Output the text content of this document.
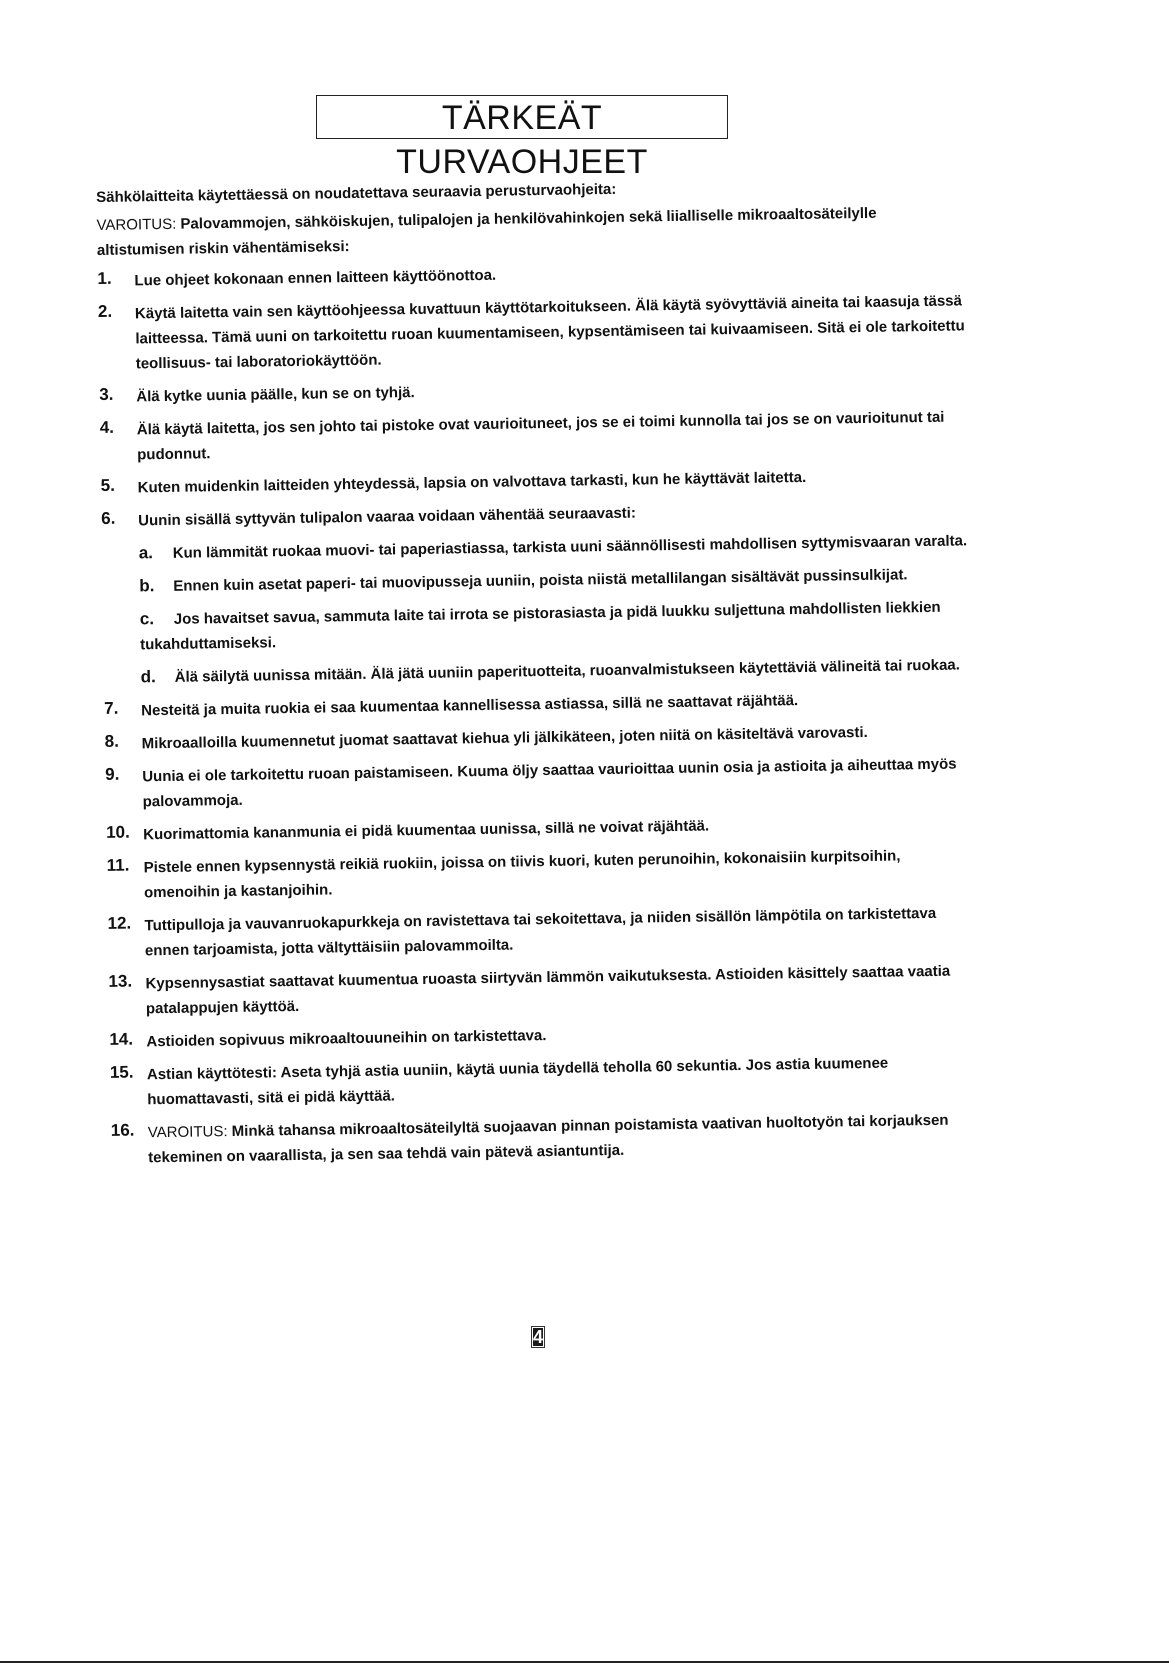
TÄRKEÄT TURVAOHJEET

Sähkölaitteita käytettäessä on noudatettava seuraavia perusturvaohjeita:

VAROITUS: Palovammojen, sähköiskujen, tulipalojen ja henkilövahinkojen sekä liialliselle mikroaaltosäteilylle

altistumisen riskin vähentämiseksi:

1. Lue ohjeet kokonaan ennen laitteen käyttöönottoa.
2. Käytä laitetta vain sen käyttöohjeessa kuvattuun käyttötarkoitukseen. Älä käytä syövyttäviä aineita tai kaasuja tässä laitteessa. Tämä uuni on tarkoitettu ruoan kuumentamiseen, kypsentämiseen tai kuivaamiseen. Sitä ei ole tarkoitettu teollisuus- tai laboratoriokäyttöön.
3. Älä kytke uunia päälle, kun se on tyhjä.
4. Älä käytä laitetta, jos sen johto tai pistoke ovat vaurioituneet, jos se ei toimi kunnolla tai jos se on vaurioitunut tai pudonnut.
5. Kuten muidenkin laitteiden yhteydessä, lapsia on valvottava tarkasti, kun he käyttävät laitetta.
6. Uunin sisällä syttyvän tulipalon vaaraa voidaan vähentää seuraavasti:
a. Kun lämmität ruokaa muovi- tai paperiastiassa, tarkista uuni säännöllisesti mahdollisen syttymisvaaran varalta.
b. Ennen kuin asetat paperi- tai muovipusseja uuniin, poista niistä metallilangan sisältävät pussinsulkijat.
c. Jos havaitset savua, sammuta laite tai irrota se pistorasiasta ja pidä luukku suljettuna mahdollisten liekkien tukahduttamiseksi.
d. Älä säilytä uunissa mitään. Älä jätä uuniin paperituotteita, ruoanvalmistukseen käytettäviä välineitä tai ruokaa.
7. Nesteitä ja muita ruokia ei saa kuumentaa kannellisessa astiassa, sillä ne saattavat räjähtää.
8. Mikroaalloilla kuumennetut juomat saattavat kiehua yli jälkikäteen, joten niitä on käsiteltävä varovasti.
9. Uunia ei ole tarkoitettu ruoan paistamiseen. Kuuma öljy saattaa vaurioittaa uunin osia ja astioita ja aiheuttaa myös palovammoja.
10. Kuorimattomia kananmunia ei pidä kuumentaa uunissa, sillä ne voivat räjähtää.
11. Pistele ennen kypsennystä reikiä ruokiin, joissa on tiivis kuori, kuten perunoihin, kokonaisiin kurpitsoihin, omenoihin ja kastanjoihin.
12. Tuttipulloja ja vauvanruokapurkkeja on ravistettava tai sekoitettava, ja niiden sisällön lämpötila on tarkistettava ennen tarjoamista, jotta vältyttäisiin palovammoilta.
13. Kypsennysastiat saattavat kuumentua ruoasta siirtyvän lämmön vaikutuksesta. Astioiden käsittely saattaa vaatia patalappujen käyttöä.
14. Astioiden sopivuus mikroaaltouuneihin on tarkistettava.
15. Astian käyttötesti: Aseta tyhjä astia uuniin, käytä uunia täydellä teholla 60 sekuntia. Jos astia kuumenee huomattavasti, sitä ei pidä käyttää.
16. VAROITUS: Minkä tahansa mikroaaltosäteilyltä suojaavan pinnan poistamista vaativan huoltotyön tai korjauksen tekeminen on vaarallista, ja sen saa tehdä vain pätevä asiantuntija.
4
